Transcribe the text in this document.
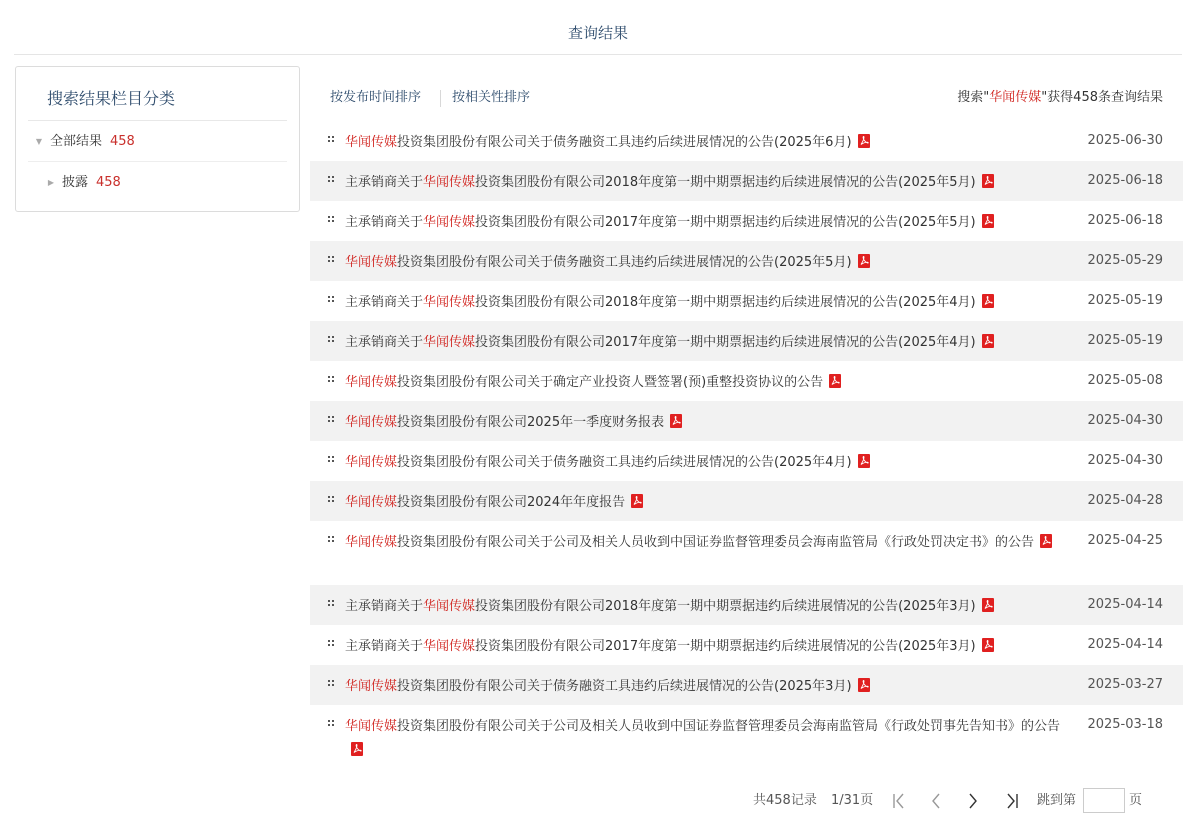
查询结果
搜索结果栏目分类
▼ 全部结果 458
▶ 披露 458
按发布时间排序 按相关性排序	搜索"华闻传媒"获得458条查询结果
华闻传媒投资集团股份有限公司关于债务融资工具违约后续进展情况的公告(2025年6月)	2025-06-30
主承销商关于华闻传媒投资集团股份有限公司2018年度第一期中期票据违约后续进展情况的公告(2025年5月)	2025-06-18
主承销商关于华闻传媒投资集团股份有限公司2017年度第一期中期票据违约后续进展情况的公告(2025年5月)	2025-06-18
华闻传媒投资集团股份有限公司关于债务融资工具违约后续进展情况的公告(2025年5月)	2025-05-29
主承销商关于华闻传媒投资集团股份有限公司2018年度第一期中期票据违约后续进展情况的公告(2025年4月)	2025-05-19
主承销商关于华闻传媒投资集团股份有限公司2017年度第一期中期票据违约后续进展情况的公告(2025年4月)	2025-05-19
华闻传媒投资集团股份有限公司关于确定产业投资人暨签署(预)重整投资协议的公告	2025-05-08
华闻传媒投资集团股份有限公司2025年一季度财务报表	2025-04-30
华闻传媒投资集团股份有限公司关于债务融资工具违约后续进展情况的公告(2025年4月)	2025-04-30
华闻传媒投资集团股份有限公司2024年年度报告	2025-04-28
华闻传媒投资集团股份有限公司关于公司及相关人员收到中国证券监督管理委员会海南监管局《行政处罚决定书》的公告	2025-04-25
主承销商关于华闻传媒投资集团股份有限公司2018年度第一期中期票据违约后续进展情况的公告(2025年3月)	2025-04-14
主承销商关于华闻传媒投资集团股份有限公司2017年度第一期中期票据违约后续进展情况的公告(2025年3月)	2025-04-14
华闻传媒投资集团股份有限公司关于债务融资工具违约后续进展情况的公告(2025年3月)	2025-03-27
华闻传媒投资集团股份有限公司关于公司及相关人员收到中国证券监督管理委员会海南监管局《行政处罚事先告知书》的公告	2025-03-18
共458记录 1/31页	跳到第	页
